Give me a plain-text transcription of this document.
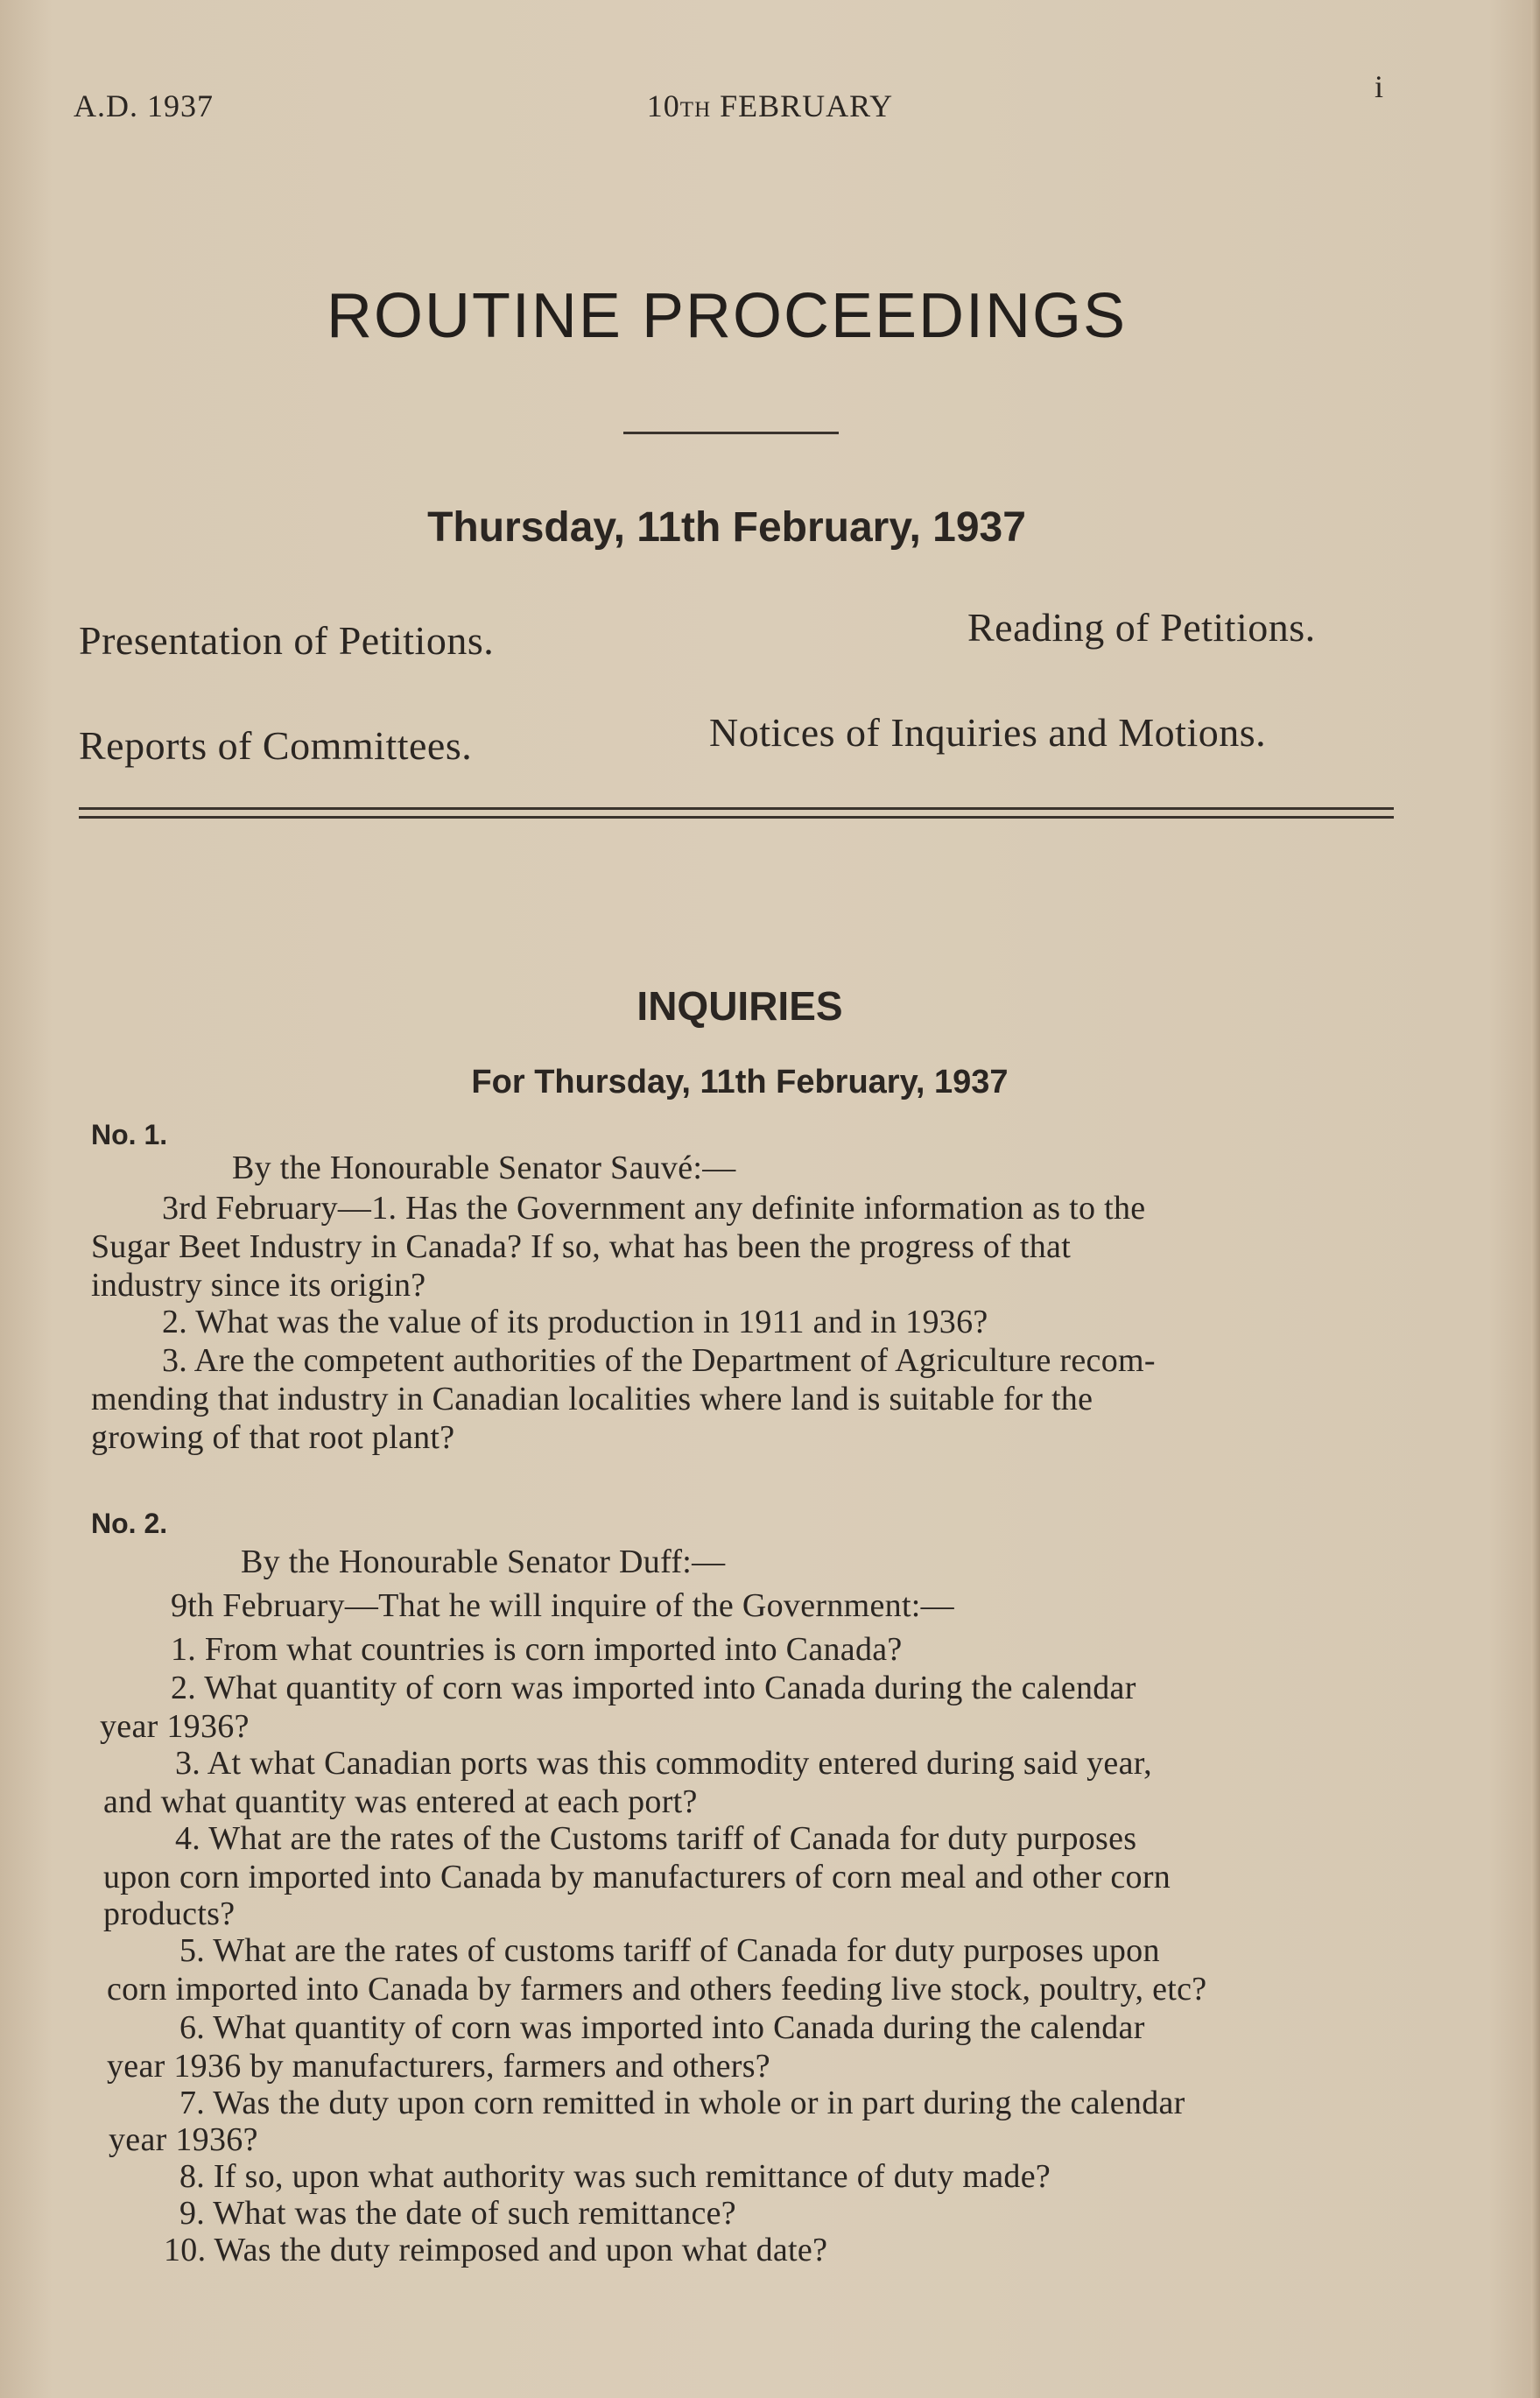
A.D. 1937	10th FEBRUARY
i
ROUTINE PROCEEDINGS
Thursday, 11th February, 1937
Presentation of Petitions.	Reading of Petitions.
Reports of Committees.	Notices of Inquiries and Motions.
INQUIRIES
For Thursday, 11th February, 1937
No. 1.
By the Honourable Senator Sauvé:—
3rd February—1. Has the Government any definite information as to the
Sugar Beet Industry in Canada? If so, what has been the progress of that
industry since its origin?
2. What was the value of its production in 1911 and in 1936?
3. Are the competent authorities of the Department of Agriculture recom-
mending that industry in Canadian localities where land is suitable for the
growing of that root plant?
No. 2.
By the Honourable Senator Duff:—
9th February—That he will inquire of the Government:—
1. From what countries is corn imported into Canada?
2. What quantity of corn was imported into Canada during the calendar
year 1936?
3. At what Canadian ports was this commodity entered during said year,
and what quantity was entered at each port?
4. What are the rates of the Customs tariff of Canada for duty purposes
upon corn imported into Canada by manufacturers of corn meal and other corn
products?
5. What are the rates of customs tariff of Canada for duty purposes upon
corn imported into Canada by farmers and others feeding live stock, poultry, etc?
6. What quantity of corn was imported into Canada during the calendar
year 1936 by manufacturers, farmers and others?
7. Was the duty upon corn remitted in whole or in part during the calendar
year 1936?
8. If so, upon what authority was such remittance of duty made?
9. What was the date of such remittance?
10. Was the duty reimposed and upon what date?
